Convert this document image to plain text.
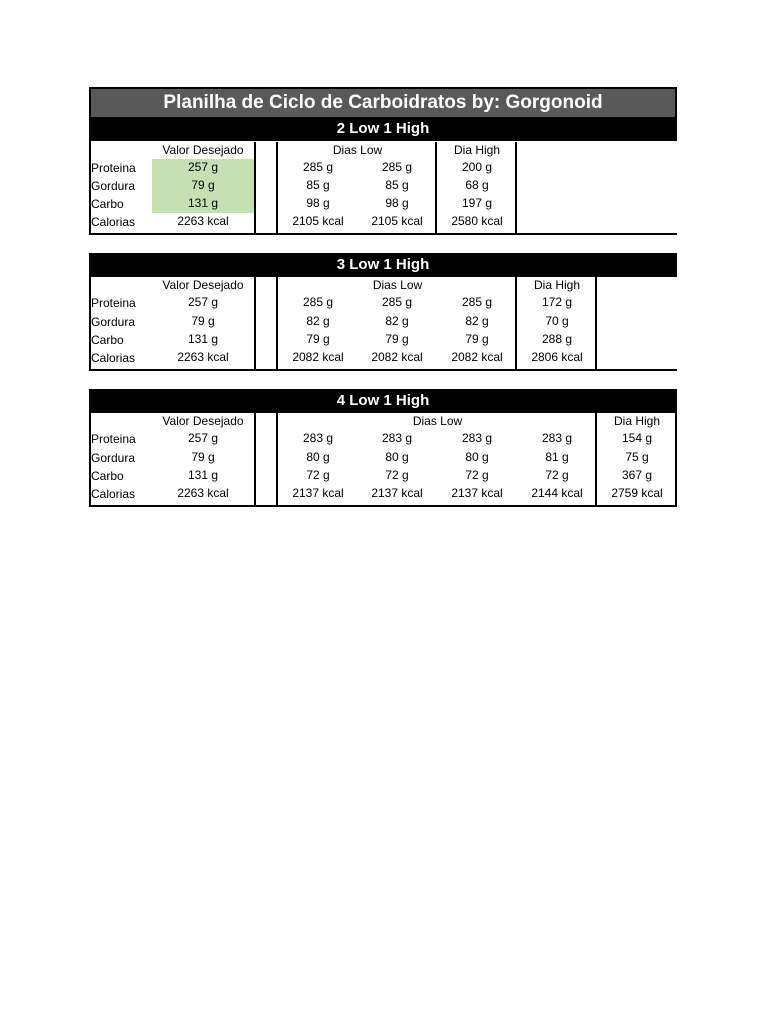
Planilha de Ciclo de Carboidratos by: Gorgonoid
2 Low 1 High
Valor Desejado	Dias Low	Dia High
Proteina	257 g	285 g	285 g	200 g
Gordura	79 g	85 g	85 g	68 g
Carbo	131 g	98 g	98 g	197 g
Calorias	2263 kcal	2105 kcal	2105 kcal	2580 kcal
3 Low 1 High
Valor Desejado	Dias Low	Dia High
Proteina	257 g	285 g	285 g	285 g	172 g
Gordura	79 g	82 g	82 g	82 g	70 g
Carbo	131 g	79 g	79 g	79 g	288 g
Calorias	2263 kcal	2082 kcal	2082 kcal	2082 kcal	2806 kcal
4 Low 1 High
Valor Desejado	Dias Low	Dia High
Proteina	257 g	283 g	283 g	283 g	283 g	154 g
Gordura	79 g	80 g	80 g	80 g	81 g	75 g
Carbo	131 g	72 g	72 g	72 g	72 g	367 g
Calorias	2263 kcal	2137 kcal	2137 kcal	2137 kcal	2144 kcal	2759 kcal
